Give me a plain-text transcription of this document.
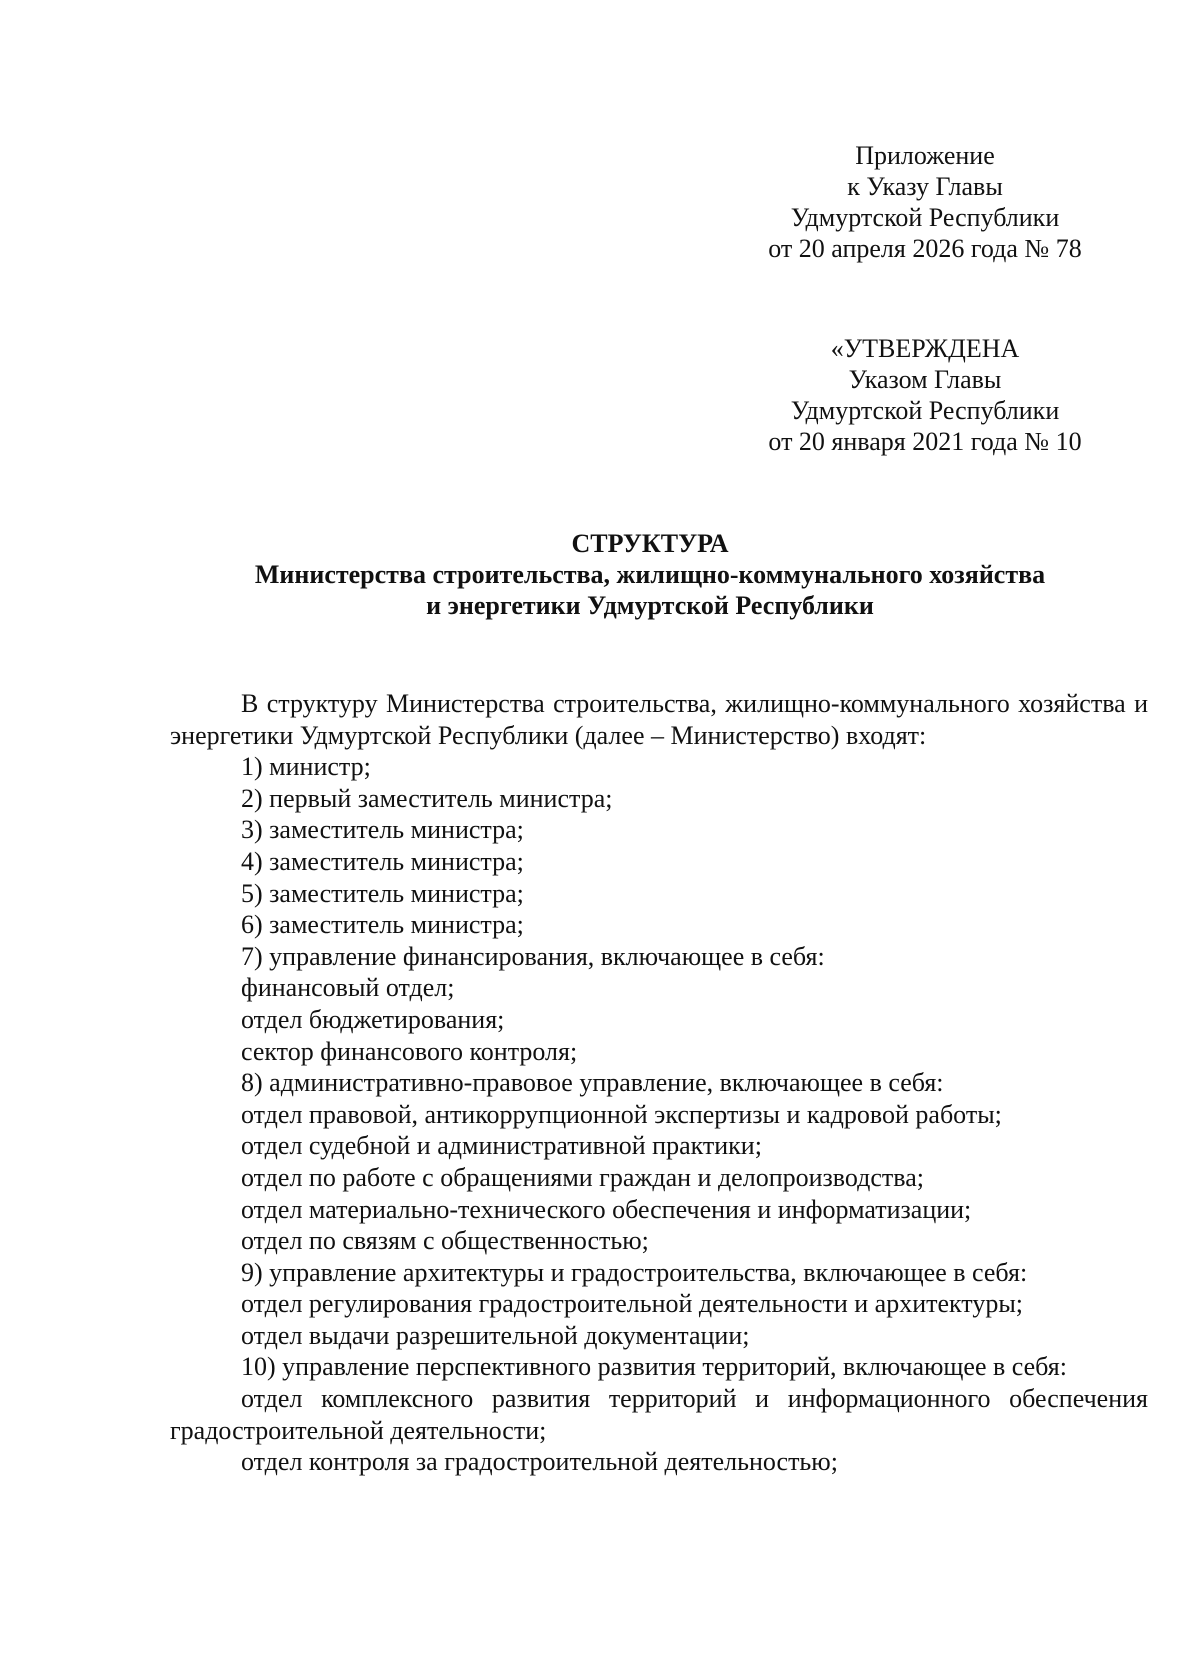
Приложение
к Указу Главы
Удмуртской Республики
от 20 апреля 2026 года № 78
«УТВЕРЖДЕНА
Указом Главы
Удмуртской Республики
от 20 января 2021 года № 10
СТРУКТУРА
Министерства строительства, жилищно-коммунального хозяйства
и энергетики Удмуртской Республики

В структуру Министерства строительства, жилищно-коммунального хозяйства и энергетики Удмуртской Республики (далее – Министерство) входят:

1) министр;

2) первый заместитель министра;

3) заместитель министра;

4) заместитель министра;

5) заместитель министра;

6) заместитель министра;

7) управление финансирования, включающее в себя:

финансовый отдел;

отдел бюджетирования;

сектор финансового контроля;

8) административно-правовое управление, включающее в себя:

отдел правовой, антикоррупционной экспертизы и кадровой работы;

отдел судебной и административной практики;

отдел по работе с обращениями граждан и делопроизводства;

отдел материально-технического обеспечения и информатизации;

отдел по связям с общественностью;

9) управление архитектуры и градостроительства, включающее в себя:

отдел регулирования градостроительной деятельности и архитектуры;

отдел выдачи разрешительной документации;

10) управление перспективного развития территорий, включающее в себя:

отдел комплексного развития территорий и информационного обеспечения градостроительной деятельности;

отдел контроля за градостроительной деятельностью;
